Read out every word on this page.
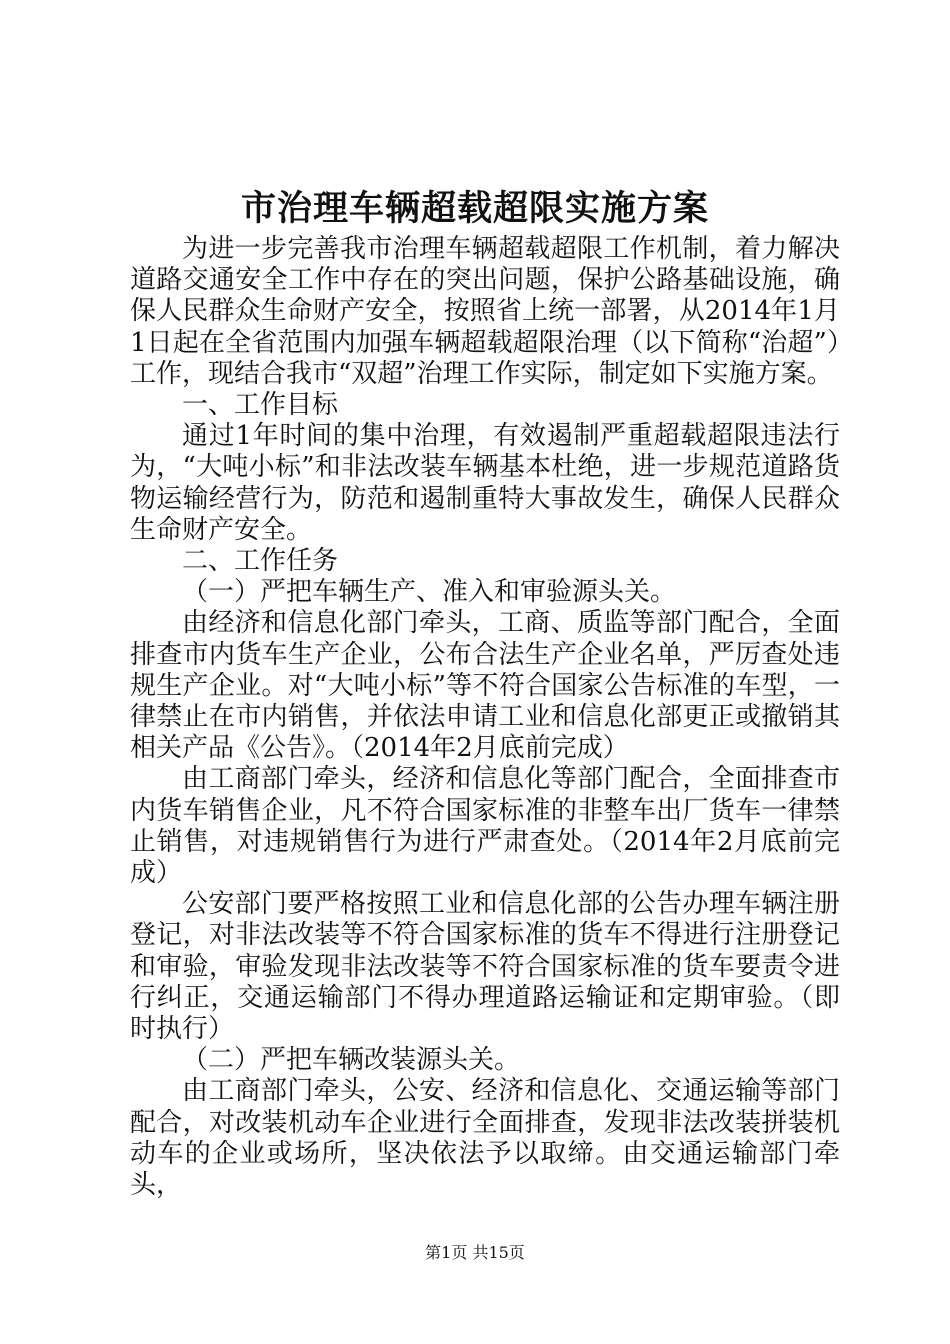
市治理车辆超载超限实施方案

为进一步完善我市治理车辆超载超限工作机制，着力解决道路交通安全工作中存在的突出问题，保护公路基础设施，确保人民群众生命财产安全，按照省上统一部署，从2014年1月1日起在全省范围内加强车辆超载超限治理（以下简称“治超”）工作，现结合我市“双超”治理工作实际，制定如下实施方案。

一、工作目标

通过1年时间的集中治理，有效遏制严重超载超限违法行为，“大吨小标”和非法改装车辆基本杜绝，进一步规范道路货物运输经营行为，防范和遏制重特大事故发生，确保人民群众生命财产安全。

二、工作任务

（一）严把车辆生产、准入和审验源头关。

由经济和信息化部门牵头，工商、质监等部门配合，全面排查市内货车生产企业，公布合法生产企业名单，严厉查处违规生产企业。对“大吨小标”等不符合国家公告标准的车型，一律禁止在市内销售，并依法申请工业和信息化部更正或撤销其相关产品《公告》。（2014年2月底前完成）

由工商部门牵头，经济和信息化等部门配合，全面排查市内货车销售企业，凡不符合国家标准的非整车出厂货车一律禁止销售，对违规销售行为进行严肃查处。（2014年2月底前完成）

公安部门要严格按照工业和信息化部的公告办理车辆注册登记，对非法改装等不符合国家标准的货车不得进行注册登记和审验，审验发现非法改装等不符合国家标准的货车要责令进行纠正，交通运输部门不得办理道路运输证和定期审验。（即时执行）

（二）严把车辆改装源头关。

由工商部门牵头，公安、经济和信息化、交通运输等部门配合，对改装机动车企业进行全面排查，发现非法改装拼装机动车的企业或场所，坚决依法予以取缔。由交通运输部门牵头，

第1页 共15页
